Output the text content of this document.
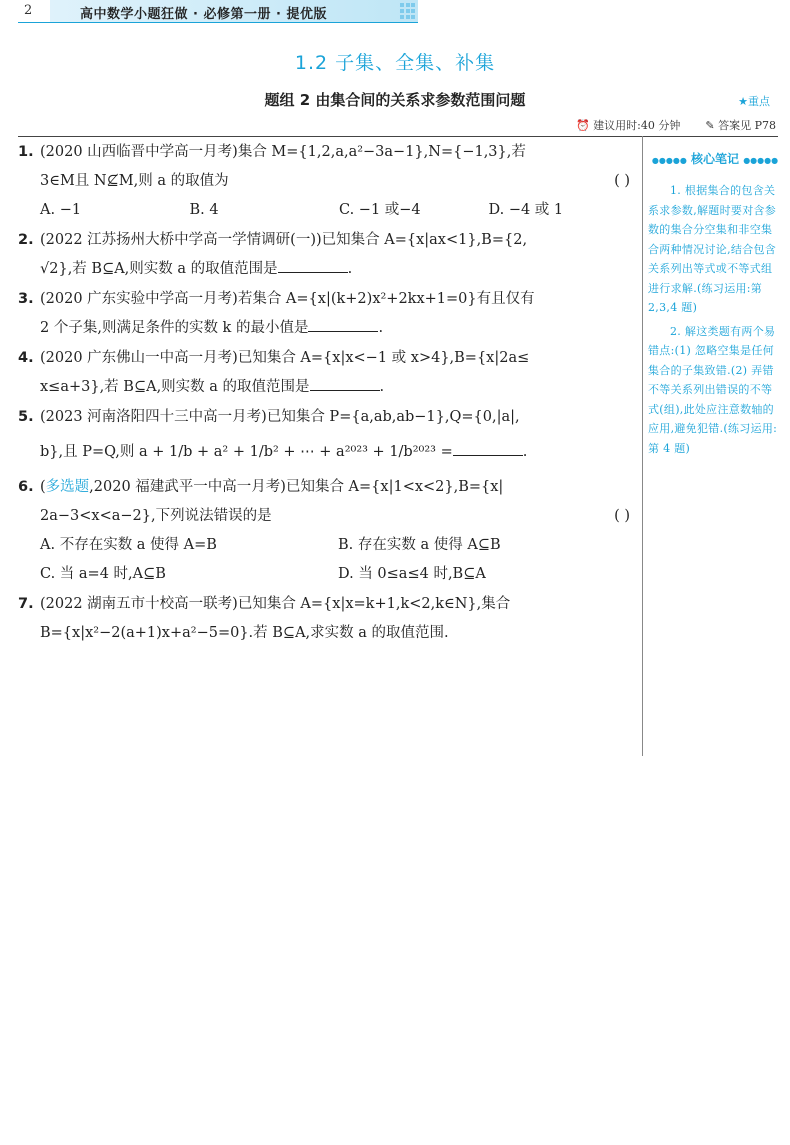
2	高中数学小题狂做 · 必修第一册 · 提优版
1.2 子集、全集、补集
题组 2 由集合间的关系求参数范围问题	★重点
⏰ 建议用时:40 分钟 ✎ 答案见 P78
1. (2020 山西临晋中学高一月考)集合 M={1,2,a,a²−3a−1},N={−1,3},若
3∈M且 N⊈M,则 a 的取值为	( )
A. −1	B. 4	C. −1 或−4	D. −4 或 1
2. (2022 江苏扬州大桥中学高一学情调研(一))已知集合 A={x|ax<1},B={2,
√2},若 B⊆A,则实数 a 的取值范围是	.
3. (2020 广东实验中学高一月考)若集合 A={x|(k+2)x²+2kx+1=0}有且仅有
2 个子集,则满足条件的实数 k 的最小值是	.
4. (2020 广东佛山一中高一月考)已知集合 A={x|x<−1 或 x>4},B={x|2a≤
x≤a+3},若 B⊆A,则实数 a 的取值范围是	.
5. (2023 河南洛阳四十三中高一月考)已知集合 P={a,ab,ab−1},Q={0,|a|,
b},且 P=Q,则 a + 1/b + a² + 1/b² + ⋯ + a²⁰²³ + 1/b²⁰²³ =	.
6. (多选题,2020 福建武平一中高一月考)已知集合 A={x|1<x<2},B={x|
2a−3<x<a−2},下列说法错误的是	( )
A. 不存在实数 a 使得 A=B	B. 存在实数 a 使得 A⊆B
C. 当 a=4 时,A⊆B	D. 当 0≤a≤4 时,B⊆A
7. (2022 湖南五市十校高一联考)已知集合 A={x|x=k+1,k<2,k∈N},集合
B={x|x²−2(a+1)x+a²−5=0}.若 B⊆A,求实数 a 的取值范围.
●●●●● 核心笔记 ●●●●●
1. 根据集合的包含关系求参数,解题时要对含参数的集合分空集和非空集合两种情况讨论,结合包含关系列出等式或不等式组进行求解.(练习运用:第 2,3,4 题)
2. 解这类题有两个易错点:(1) 忽略空集是任何集合的子集致错.(2) 弄错不等关系列出错误的不等式(组),此处应注意数轴的应用,避免犯错.(练习运用:第 4 题)
